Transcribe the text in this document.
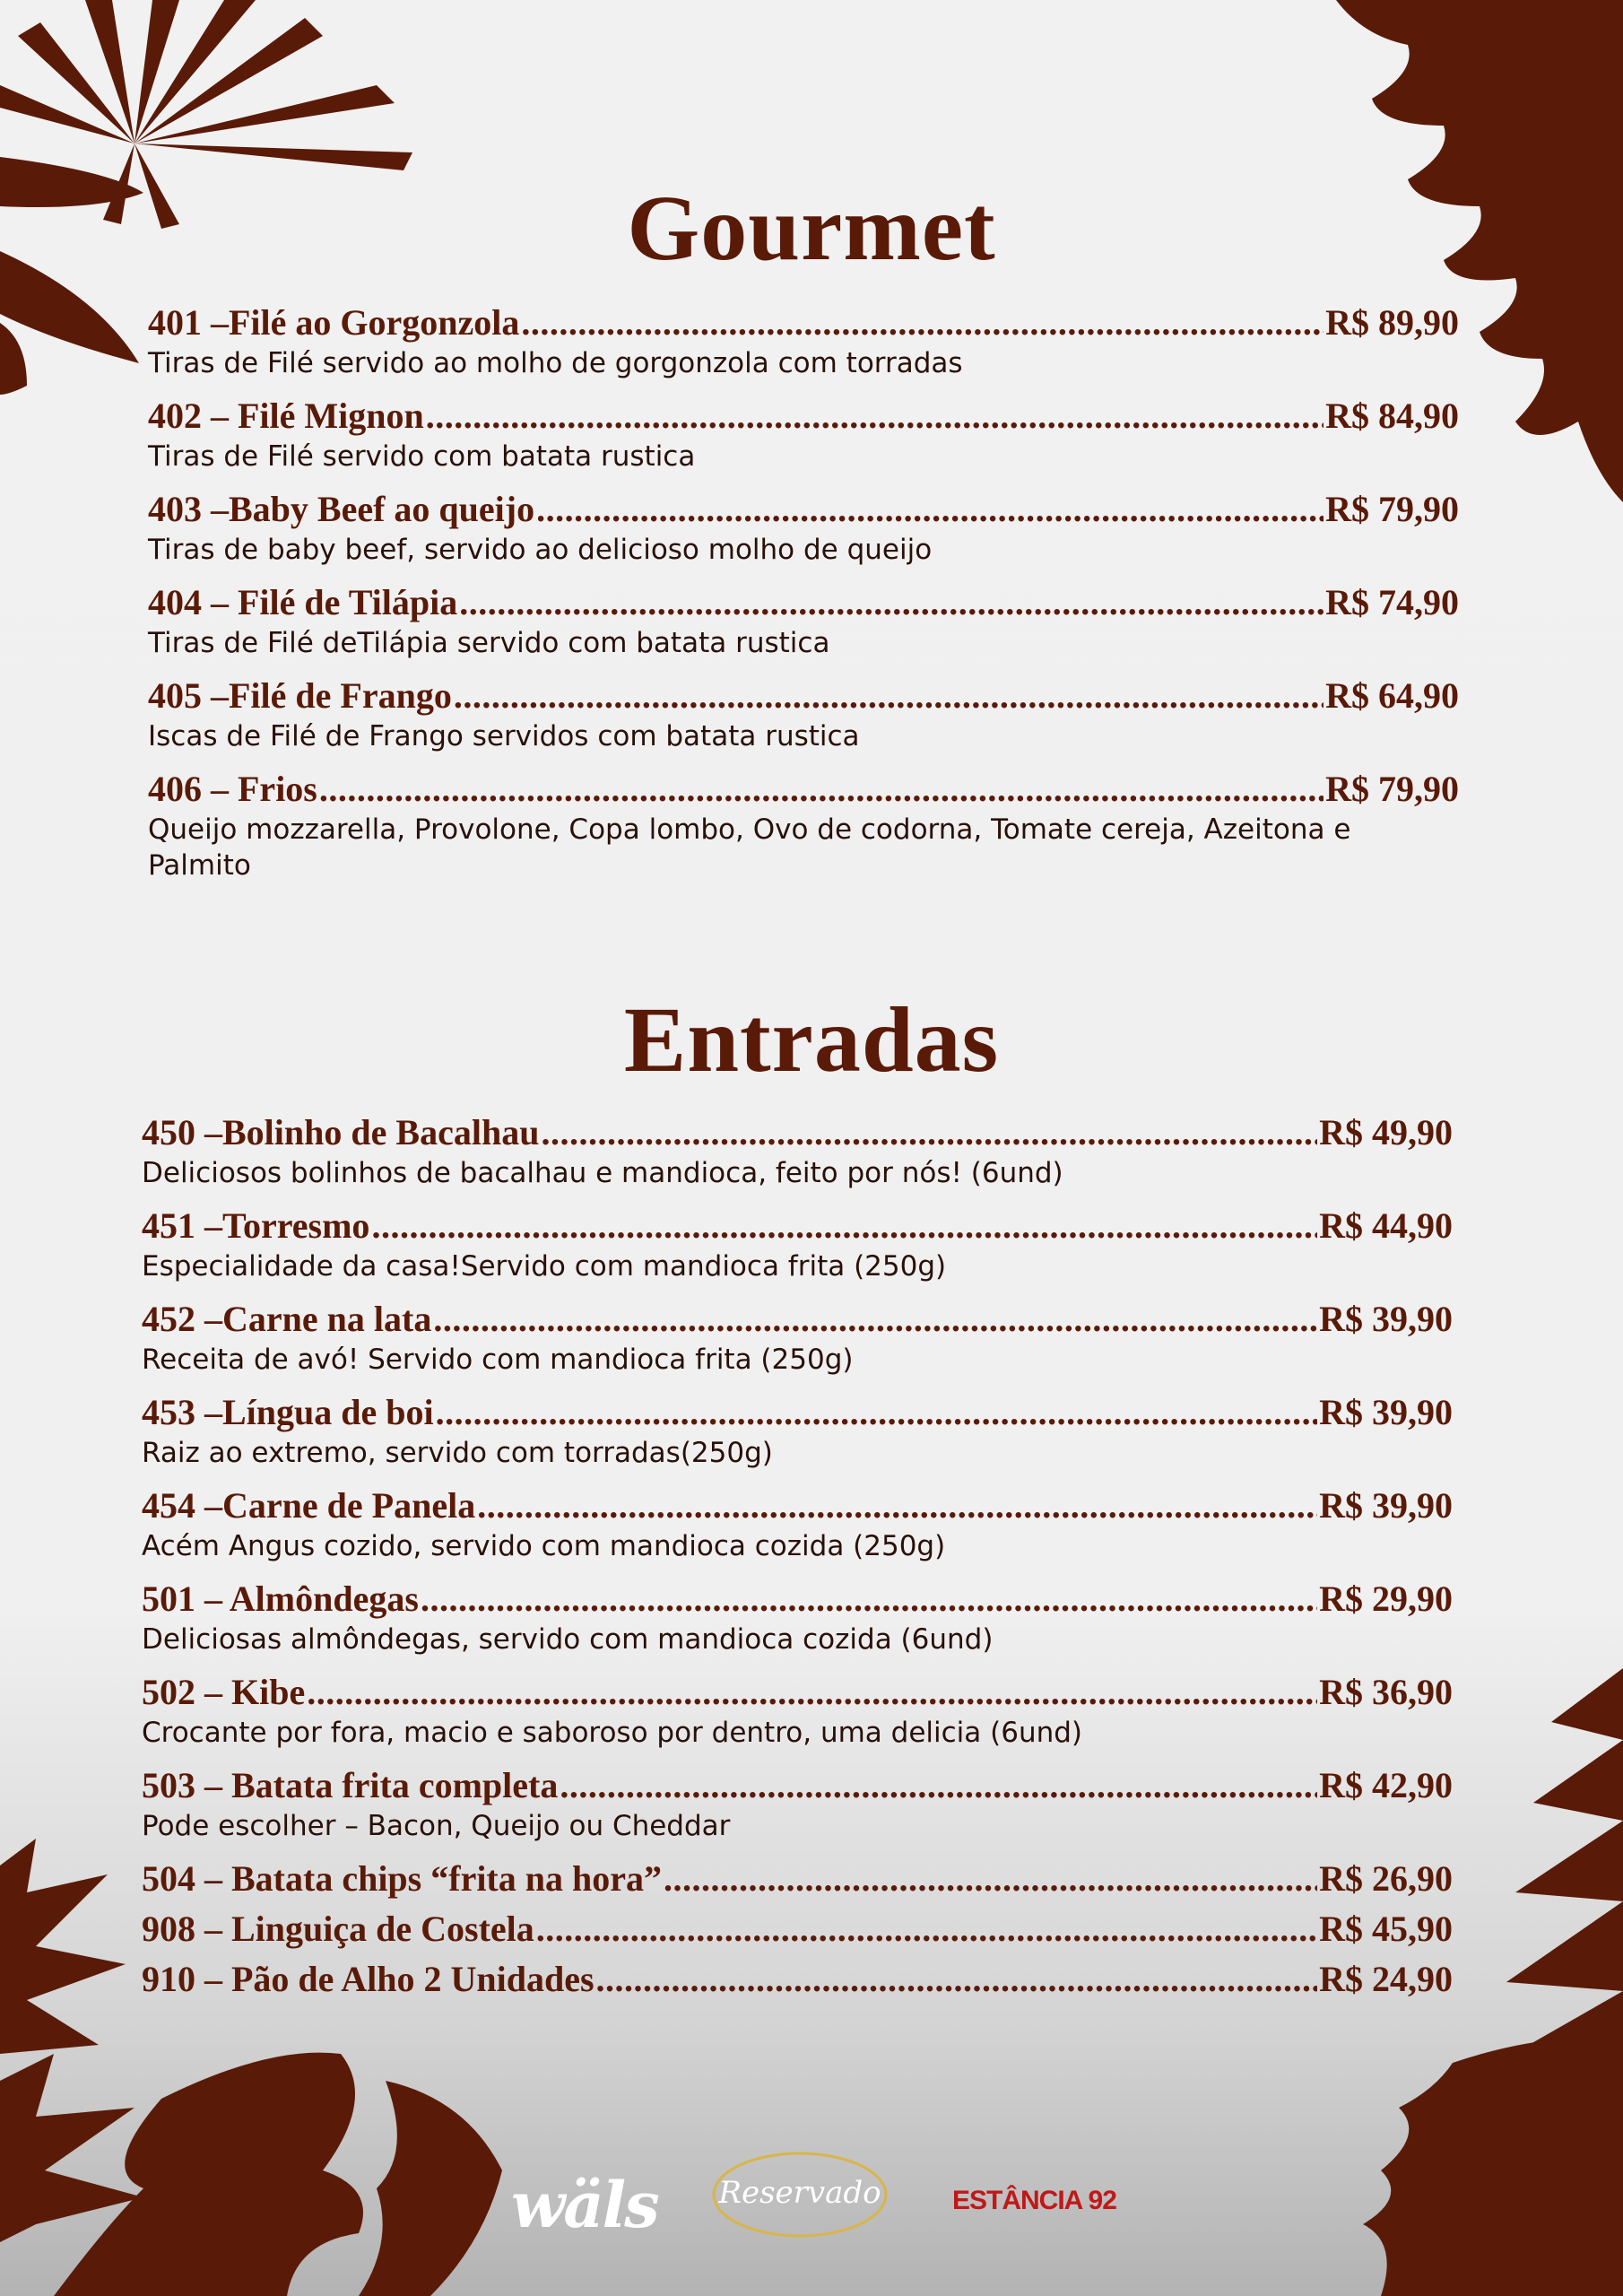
Gourmet
401 –Filé ao Gorgonzola .....	R$ 89,90
Tiras de Filé servido ao molho de gorgonzola com torradas
402 – Filé Mignon .....	R$ 84,90
Tiras de Filé servido com batata rustica
403 –Baby Beef ao queijo .....	R$ 79,90
Tiras de baby beef, servido ao delicioso molho de queijo
404 – Filé de Tilápia .....	R$ 74,90
Tiras de Filé deTilápia servido com batata rustica
405 –Filé de Frango .....	R$ 64,90
Iscas de Filé de Frango servidos com batata rustica
406 – Frios .....	R$ 79,90
Queijo mozzarella, Provolone, Copa lombo, Ovo de codorna, Tomate cereja, Azeitona e Palmito
Entradas
450 –Bolinho de Bacalhau .....	R$ 49,90
Deliciosos bolinhos de bacalhau e mandioca, feito por nós! (6und)
451 –Torresmo .....	R$ 44,90
Especialidade da casa!Servido com mandioca frita (250g)
452 –Carne na lata .....	R$ 39,90
Receita de avó! Servido com mandioca frita (250g)
453 –Língua de boi .....	R$ 39,90
Raiz ao extremo, servido com torradas(250g)
454 –Carne de Panela .....	R$ 39,90
Acém Angus cozido, servido com mandioca cozida (250g)
501 – Almôndegas .....	R$ 29,90
Deliciosas almôndegas, servido com mandioca cozida (6und)
502 – Kibe .....	R$ 36,90
Crocante por fora, macio e saboroso por dentro, uma delicia (6und)
503 – Batata frita completa .....	R$ 42,90
Pode escolher – Bacon, Queijo ou Cheddar
504 – Batata chips “frita na hora” .....	R$ 26,90
908 – Linguiça de Costela .....	R$ 45,90
910 – Pão de Alho 2 Unidades .....	R$ 24,90
wäls Reservado	ESTÂNCIA 92
